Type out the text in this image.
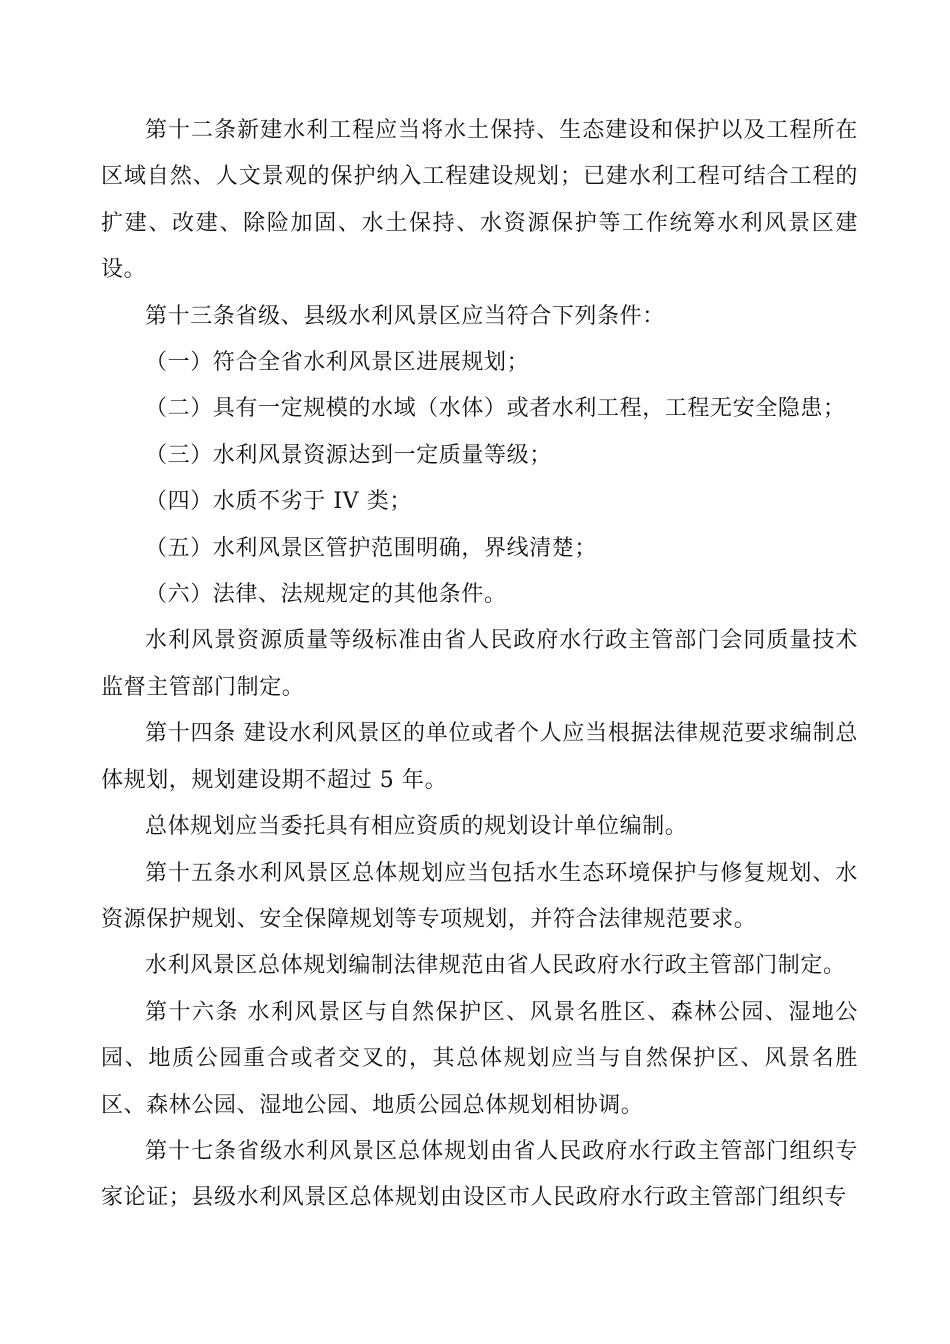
第十二条新建水利工程应当将水土保持、生态建设和保护以及工程所在区域自然、人文景观的保护纳入工程建设规划；已建水利工程可结合工程的扩建、改建、除险加固、水土保持、水资源保护等工作统筹水利风景区建设。

第十三条省级、县级水利风景区应当符合下列条件：

（一）符合全省水利风景区进展规划；

（二）具有一定规模的水域（水体）或者水利工程，工程无安全隐患；

（三）水利风景资源达到一定质量等级；

（四）水质不劣于 IV 类；

（五）水利风景区管护范围明确，界线清楚；

（六）法律、法规规定的其他条件。

水利风景资源质量等级标准由省人民政府水行政主管部门会同质量技术监督主管部门制定。

第十四条 建设水利风景区的单位或者个人应当根据法律规范要求编制总体规划，规划建设期不超过 5 年。

总体规划应当委托具有相应资质的规划设计单位编制。

第十五条水利风景区总体规划应当包括水生态环境保护与修复规划、水资源保护规划、安全保障规划等专项规划，并符合法律规范要求。

水利风景区总体规划编制法律规范由省人民政府水行政主管部门制定。

第十六条 水利风景区与自然保护区、风景名胜区、森林公园、湿地公园、地质公园重合或者交叉的，其总体规划应当与自然保护区、风景名胜区、森林公园、湿地公园、地质公园总体规划相协调。

第十七条省级水利风景区总体规划由省人民政府水行政主管部门组织专家论证；县级水利风景区总体规划由设区市人民政府水行政主管部门组织专
